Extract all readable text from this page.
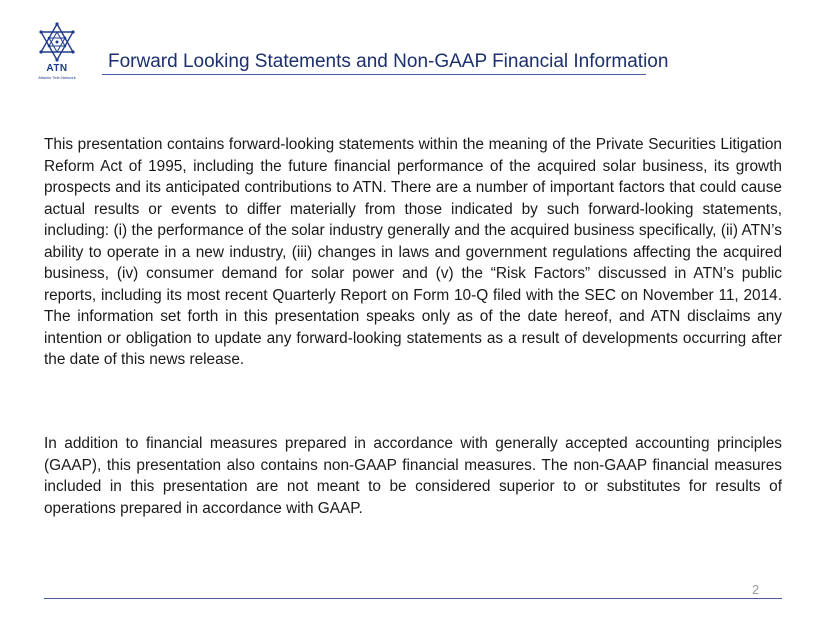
ATN
Atlantic Tele-Network
Forward Looking Statements and Non-GAAP Financial Information
This presentation contains forward-looking statements within the meaning of the Private Securities Litigation Reform Act of 1995, including the future financial performance of the acquired solar business, its growth prospects and its anticipated contributions to ATN. There are a number of important factors that could cause actual results or events to differ materially from those indicated by such forward-looking statements, including: (i) the performance of the solar industry generally and the acquired business specifically, (ii) ATN’s ability to operate in a new industry, (iii) changes in laws and government regulations affecting the acquired business, (iv) consumer demand for solar power and (v) the “Risk Factors” discussed in ATN’s public reports, including its most recent Quarterly Report on Form 10-Q filed with the SEC on November 11, 2014. The information set forth in this presentation speaks only as of the date hereof, and ATN disclaims any intention or obligation to update any forward-looking statements as a result of developments occurring after the date of this news release.
In addition to financial measures prepared in accordance with generally accepted accounting principles (GAAP), this presentation also contains non-GAAP financial measures. The non-GAAP financial measures included in this presentation are not meant to be considered superior to or substitutes for results of operations prepared in accordance with GAAP.
2
